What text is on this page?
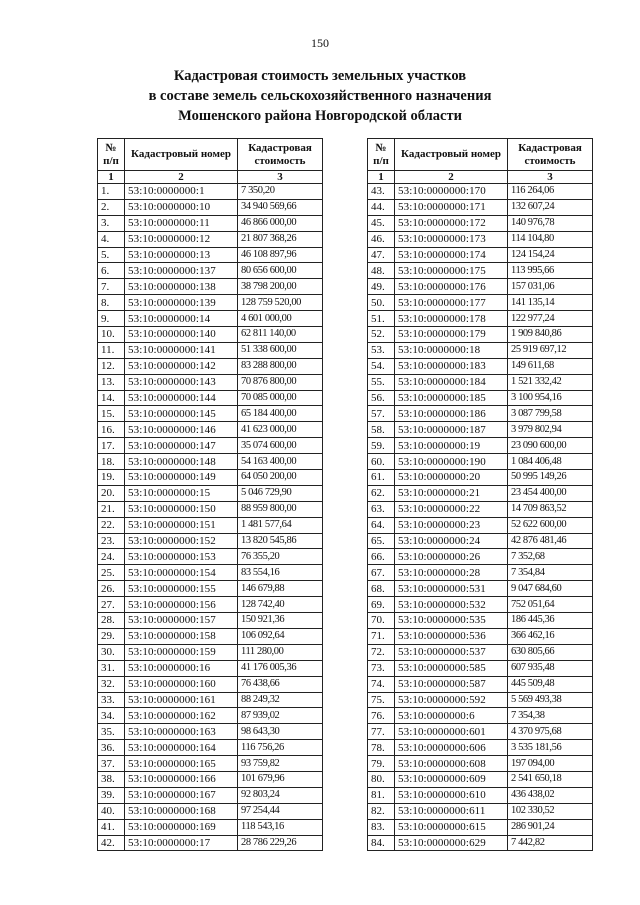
150
Кадастровая стоимость земельных участков
в составе земель сельскохозяйственного назначения
Мошенского района Новгородской области
№ п/п	Кадастровый номер	Кадастровая стоимость
1	2	3
1.	53:10:0000000:1	7 350,20
2.	53:10:0000000:10	34 940 569,66
3.	53:10:0000000:11	46 866 000,00
4.	53:10:0000000:12	21 807 368,26
5.	53:10:0000000:13	46 108 897,96
6.	53:10:0000000:137	80 656 600,00
7.	53:10:0000000:138	38 798 200,00
8.	53:10:0000000:139	128 759 520,00
9.	53:10:0000000:14	4 601 000,00
10.	53:10:0000000:140	62 811 140,00
11.	53:10:0000000:141	51 338 600,00
12.	53:10:0000000:142	83 288 800,00
13.	53:10:0000000:143	70 876 800,00
14.	53:10:0000000:144	70 085 000,00
15.	53:10:0000000:145	65 184 400,00
16.	53:10:0000000:146	41 623 000,00
17.	53:10:0000000:147	35 074 600,00
18.	53:10:0000000:148	54 163 400,00
19.	53:10:0000000:149	64 050 200,00
20.	53:10:0000000:15	5 046 729,90
21.	53:10:0000000:150	88 959 800,00
22.	53:10:0000000:151	1 481 577,64
23.	53:10:0000000:152	13 820 545,86
24.	53:10:0000000:153	76 355,20
25.	53:10:0000000:154	83 554,16
26.	53:10:0000000:155	146 679,88
27.	53:10:0000000:156	128 742,40
28.	53:10:0000000:157	150 921,36
29.	53:10:0000000:158	106 092,64
30.	53:10:0000000:159	111 280,00
31.	53:10:0000000:16	41 176 005,36
32.	53:10:0000000:160	76 438,66
33.	53:10:0000000:161	88 249,32
34.	53:10:0000000:162	87 939,02
35.	53:10:0000000:163	98 643,30
36.	53:10:0000000:164	116 756,26
37.	53:10:0000000:165	93 759,82
38.	53:10:0000000:166	101 679,96
39.	53:10:0000000:167	92 803,24
40.	53:10:0000000:168	97 254,44
41.	53:10:0000000:169	118 543,16
42.	53:10:0000000:17	28 786 229,26
№ п/п	Кадастровый номер	Кадастровая стоимость
1	2	3
43.	53:10:0000000:170	116 264,06
44.	53:10:0000000:171	132 607,24
45.	53:10:0000000:172	140 976,78
46.	53:10:0000000:173	114 104,80
47.	53:10:0000000:174	124 154,24
48.	53:10:0000000:175	113 995,66
49.	53:10:0000000:176	157 031,06
50.	53:10:0000000:177	141 135,14
51.	53:10:0000000:178	122 977,24
52.	53:10:0000000:179	1 909 840,86
53.	53:10:0000000:18	25 919 697,12
54.	53:10:0000000:183	149 611,68
55.	53:10:0000000:184	1 521 332,42
56.	53:10:0000000:185	3 100 954,16
57.	53:10:0000000:186	3 087 799,58
58.	53:10:0000000:187	3 979 802,94
59.	53:10:0000000:19	23 090 600,00
60.	53:10:0000000:190	1 084 406,48
61.	53:10:0000000:20	50 995 149,26
62.	53:10:0000000:21	23 454 400,00
63.	53:10:0000000:22	14 709 863,52
64.	53:10:0000000:23	52 622 600,00
65.	53:10:0000000:24	42 876 481,46
66.	53:10:0000000:26	7 352,68
67.	53:10:0000000:28	7 354,84
68.	53:10:0000000:531	9 047 684,60
69.	53:10:0000000:532	752 051,64
70.	53:10:0000000:535	186 445,36
71.	53:10:0000000:536	366 462,16
72.	53:10:0000000:537	630 805,66
73.	53:10:0000000:585	607 935,48
74.	53:10:0000000:587	445 509,48
75.	53:10:0000000:592	5 569 493,38
76.	53:10:0000000:6	7 354,38
77.	53:10:0000000:601	4 370 975,68
78.	53:10:0000000:606	3 535 181,56
79.	53:10:0000000:608	197 094,00
80.	53:10:0000000:609	2 541 650,18
81.	53:10:0000000:610	436 438,02
82.	53:10:0000000:611	102 330,52
83.	53:10:0000000:615	286 901,24
84.	53:10:0000000:629	7 442,82
